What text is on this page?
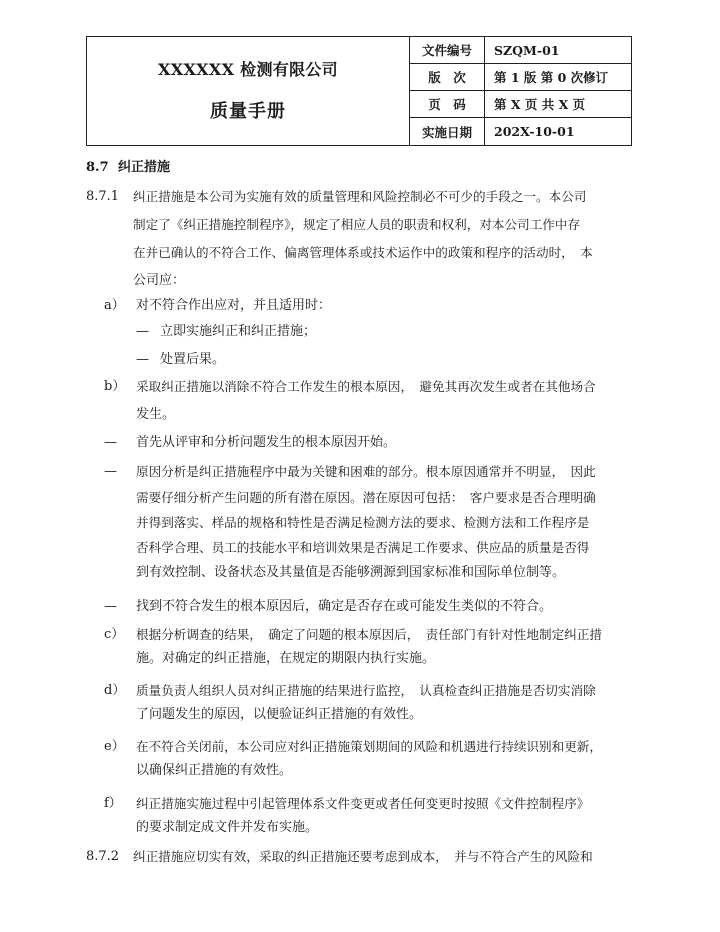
XXXXXX 检测有限公司
质量手册
文件编号	SZQM-01
版　次	第 1 版 第 0 次修订
页　码	第 X 页 共 X 页
实施日期	202X-10-01
8.7 纠正措施
8.7.1 纠正措施是本公司为实施有效的质量管理和风险控制必不可少的手段之一。本公司
制定了《纠正措施控制程序》，规定了相应人员的职责和权利，对本公司工作中存
在并已确认的不符合工作、偏离管理体系或技术运作中的政策和程序的活动时，　本
公司应：
a） 对不符合作出应对，并且适用时：
— 立即实施纠正和纠正措施；
— 处置后果。
b） 采取纠正措施以消除不符合工作发生的根本原因，　避免其再次发生或者在其他场合
发生。
— 首先从评审和分析问题发生的根本原因开始。
— 原因分析是纠正措施程序中最为关键和困难的部分。根本原因通常并不明显，　因此
需要仔细分析产生问题的所有潜在原因。潜在原因可包括：　客户要求是否合理明确
并得到落实、样品的规格和特性是否满足检测方法的要求、检测方法和工作程序是
否科学合理、员工的技能水平和培训效果是否满足工作要求、供应品的质量是否得
到有效控制、设备状态及其量值是否能够溯源到国家标准和国际单位制等。
— 找到不符合发生的根本原因后，确定是否存在或可能发生类似的不符合。
c） 根据分析调查的结果，　确定了问题的根本原因后，　责任部门有针对性地制定纠正措
施。对确定的纠正措施，在规定的期限内执行实施。
d） 质量负责人组织人员对纠正措施的结果进行监控，　认真检查纠正措施是否切实消除
了问题发生的原因，以便验证纠正措施的有效性。
e） 在不符合关闭前，本公司应对纠正措施策划期间的风险和机遇进行持续识别和更新，
以确保纠正措施的有效性。
f） 纠正措施实施过程中引起管理体系文件变更或者任何变更时按照《文件控制程序》
的要求制定成文件并发布实施。
8.7.2 纠正措施应切实有效，采取的纠正措施还要考虑到成本，　并与不符合产生的风险和
